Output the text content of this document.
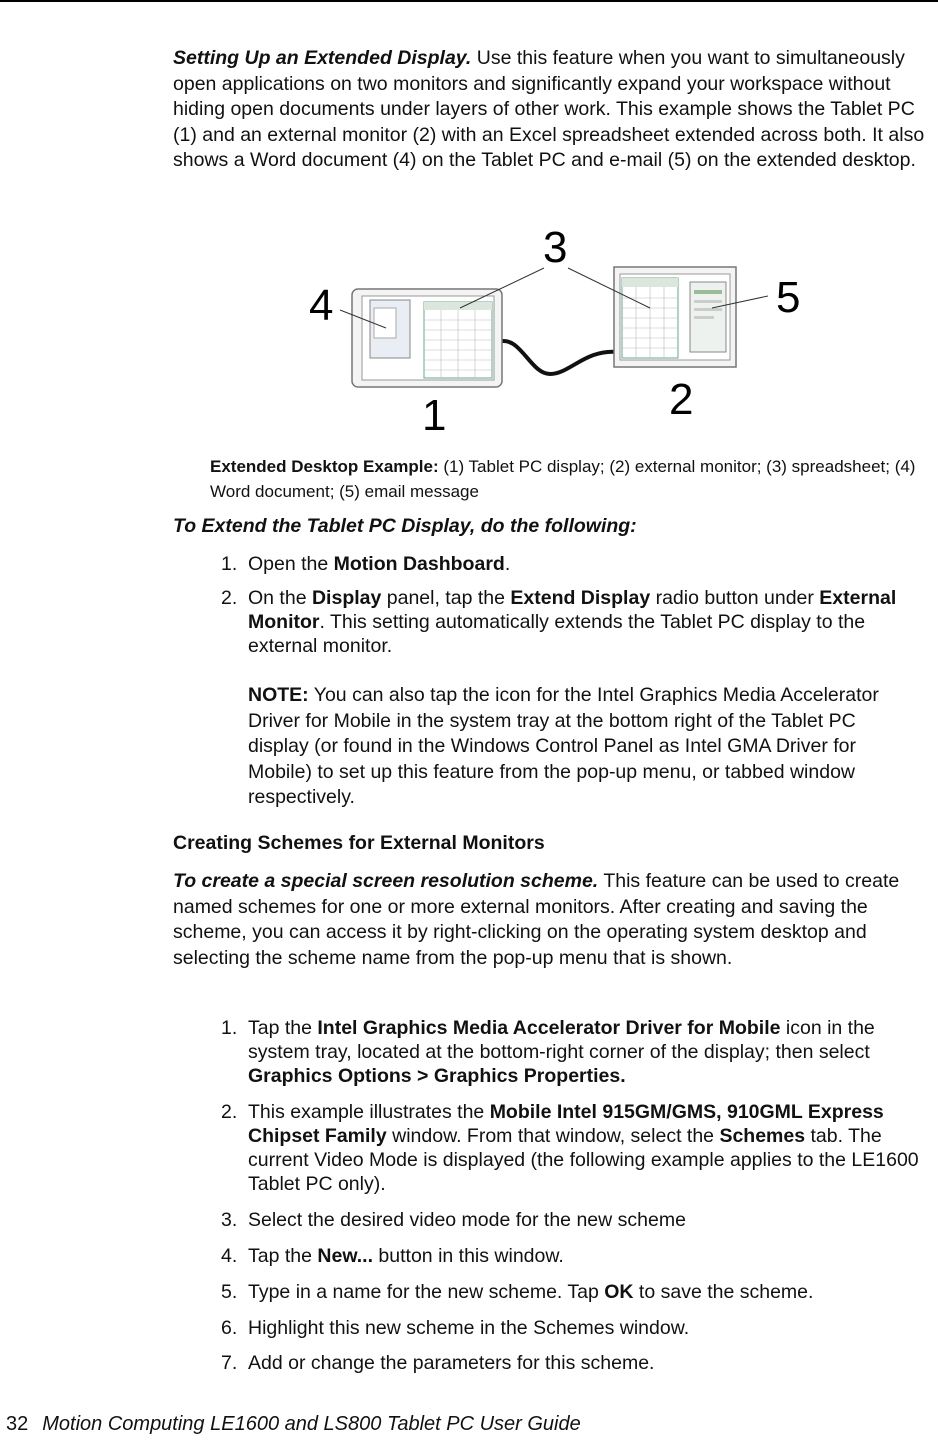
Setting Up an Extended Display. Use this feature when you want to simultaneously open applications on two monitors and significantly expand your workspace without hiding open documents under layers of other work. This example shows the Tablet PC (1) and an external monitor (2) with an Excel spreadsheet extended across both. It also shows a Word document (4) on the Tablet PC and e-mail (5) on the extended desktop.
1	2
3
4	5
Extended Desktop Example: (1) Tablet PC display; (2) external monitor; (3) spreadsheet; (4) Word document; (5) email message
To Extend the Tablet PC Display, do the following:
1. Open the Motion Dashboard.
2. On the Display panel, tap the Extend Display radio button under External Monitor. This setting automatically extends the Tablet PC display to the external monitor.
NOTE: You can also tap the icon for the Intel Graphics Media Accelerator Driver for Mobile in the system tray at the bottom right of the Tablet PC display (or found in the Windows Control Panel as Intel GMA Driver for Mobile) to set up this feature from the pop-up menu, or tabbed window respectively.
Creating Schemes for External Monitors
To create a special screen resolution scheme. This feature can be used to create named schemes for one or more external monitors. After creating and saving the scheme, you can access it by right-clicking on the operating system desktop and selecting the scheme name from the pop-up menu that is shown.
1. Tap the Intel Graphics Media Accelerator Driver for Mobile icon in the system tray, located at the bottom-right corner of the display; then select Graphics Options > Graphics Properties.
2. This example illustrates the Mobile Intel 915GM/GMS, 910GML Express Chipset Family window. From that window, select the Schemes tab. The current Video Mode is displayed (the following example applies to the LE1600 Tablet PC only).
3. Select the desired video mode for the new scheme
4. Tap the New... button in this window.
5. Type in a name for the new scheme. Tap OK to save the scheme.
6. Highlight this new scheme in the Schemes window.
7. Add or change the parameters for this scheme.
32 Motion Computing LE1600 and LS800 Tablet PC User Guide
